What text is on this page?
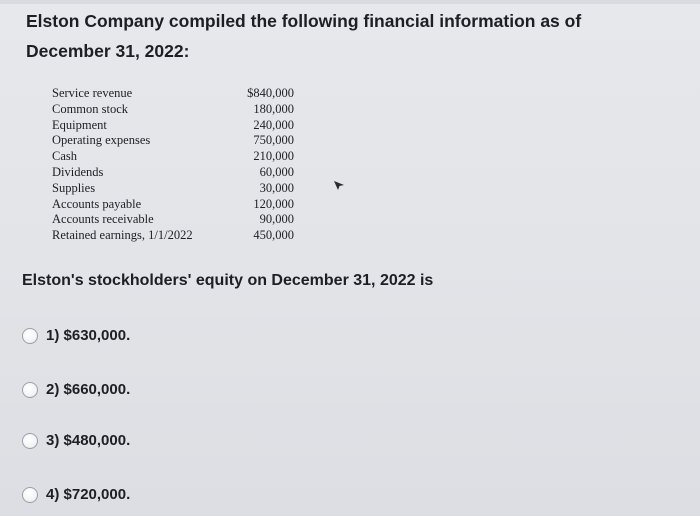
Elston Company compiled the following financial information as of December 31, 2022:
Service revenue	$840,000
Common stock	180,000
Equipment	240,000
Operating expenses	750,000
Cash	210,000
Dividends	60,000
Supplies	30,000
Accounts payable	120,000
Accounts receivable	90,000
Retained earnings, 1/1/2022	450,000
Elston's stockholders' equity on December 31, 2022 is
1) $630,000.
2) $660,000.
3) $480,000.
4) $720,000.
